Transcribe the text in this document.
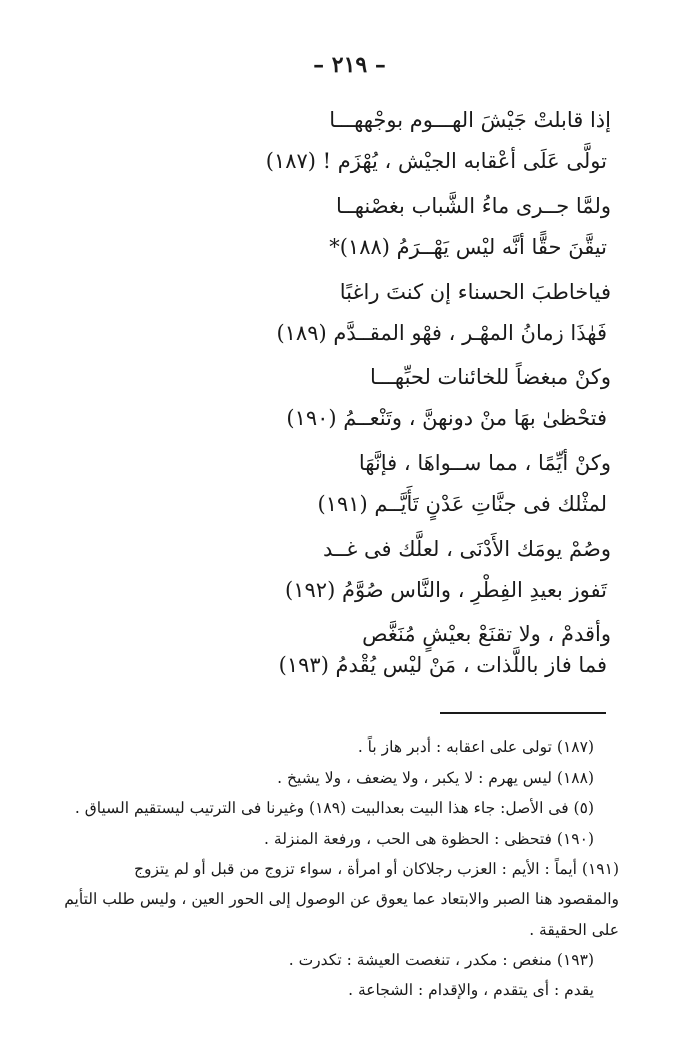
– ٢١٩ –
إذا قابلتْ جَيْشَ الهـــوم بوجْههـــا
تولَّى عَلَى أعْقابه الجيْش ، يُهْزَم ! (١٨٧)
ولمَّا جــرى ماءُ الشَّباب بغصْنهــا
تيقَّنَ حقًّا أنَّه ليْس يَهْــرَمُ (١٨٨)*
فياخاطبَ الحسناء إن كنتَ راغبًا
فَهٰذَا زمانُ المهْـر ، فهْو المقــدَّم (١٨٩)
وكنْ مبغضاً للخائنات لحبِّهـــا
فتحْظىٰ بهَا منْ دونهنَّ ، وتَنْعــمُ (١٩٠)
وكنْ أيِّمًا ، مما ســواهَا ، فإنَّهَا
لمثْلك فى جنَّاتِ عَدْنٍ تَأَيَّــم (١٩١)
وصُمْ يومَك الأَدْنَى ، لعلَّك فى غــد
تَفوز بعيدِ الفِطْرِ ، والنَّاس صُوَّمُ (١٩٢)
وأقدمْ ، ولا تقنَعْ بعيْشٍ مُنَغَّص
فما فاز باللَّذات ، مَنْ ليْس يُقْدمُ (١٩٣)
(١٨٧) تولى على اعقابه : أدبر هاز باً .
(١٨٨) ليس يهرم : لا يكبر ، ولا يضعف ، ولا يشيخ .
(٥) فى الأصل: جاء هذا البيت بعدالبيت (١٨٩) وغيرنا فى الترتيب ليستقيم السياق .
(١٩٠) فتحظى : الحظوة هى الحب ، ورفعة المنزلة .
(١٩١) أيماً : الأيم : العزب رجلاكان أو امرأة ، سواء تزوج من قبل أو لم يتزوج
والمقصود هنا الصبر والابتعاد عما يعوق عن الوصول إلى الحور العين ، وليس طلب التأيم
على الحقيقة .
(١٩٣) منغص : مكدر ، تنغصت العيشة : تكدرت .
يقدم : أى يتقدم ، والإقدام : الشجاعة .
